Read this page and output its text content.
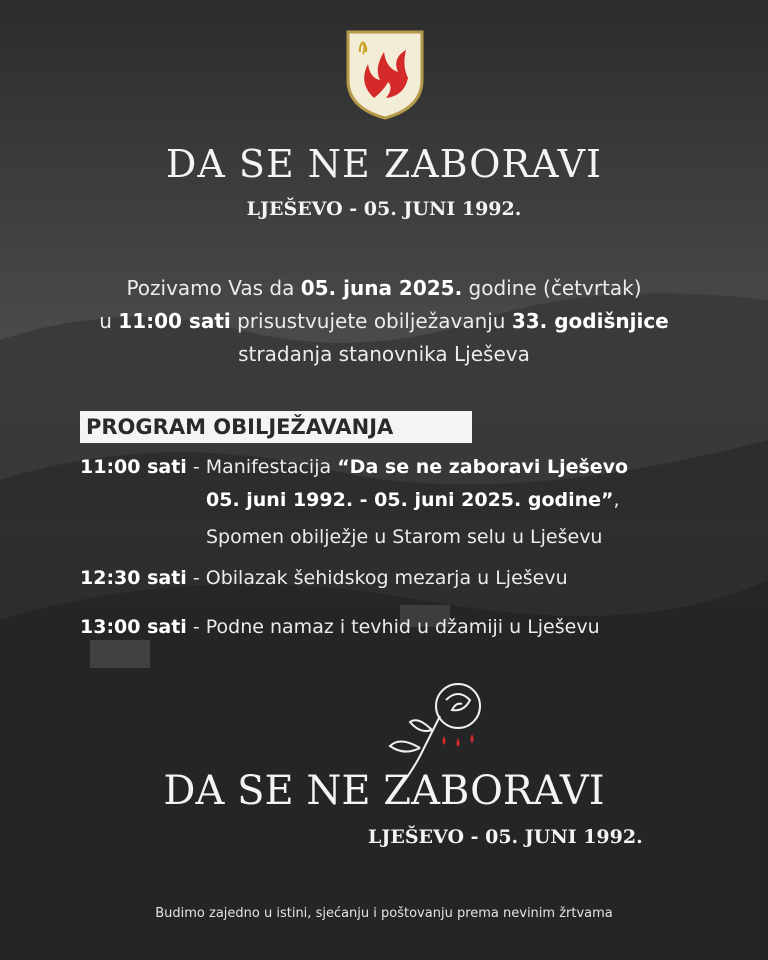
DA SE NE ZABORAVI
LJEŠEVO - 05. JUNI 1992.
Pozivamo Vas da 05. juna 2025. godine (četvrtak)
u 11:00 sati prisustvujete obilježavanju 33. godišnjice
stradanja stanovnika Lješeva
PROGRAM OBILJEŽAVANJA
11:00 sati - Manifestacija “Da se ne zaboravi Lješevo
05. juni 1992. - 05. juni 2025. godine”,
Spomen obilježje u Starom selu u Lješevu
12:30 sati - Obilazak šehidskog mezarja u Lješevu
13:00 sati - Podne namaz i tevhid u džamiji u Lješevu
DA SE NE ZABORAVI
LJEŠEVO - 05. JUNI 1992.
Budimo zajedno u istini, sjećanju i poštovanju prema nevinim žrtvama
